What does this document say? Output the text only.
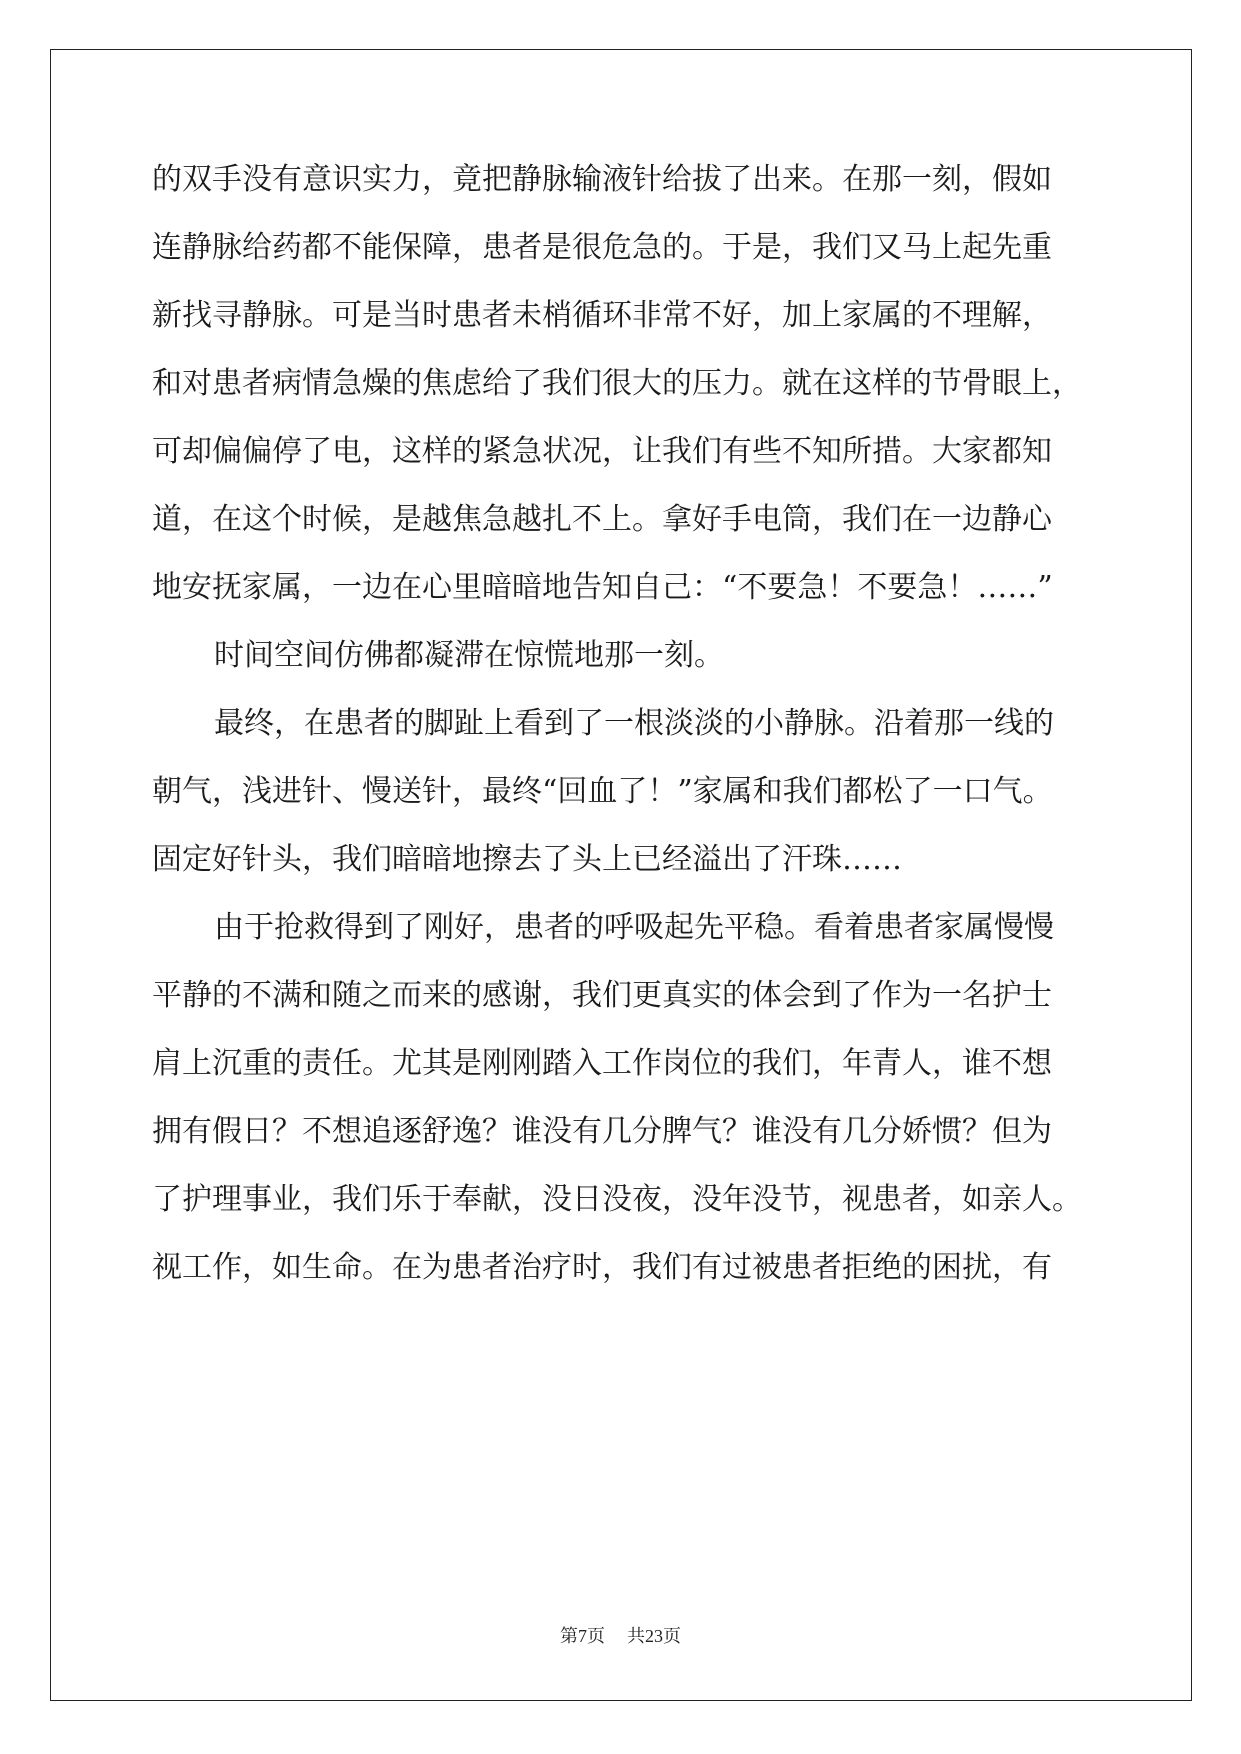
的双手没有意识实力，竟把静脉输液针给拔了出来。在那一刻，假如
连静脉给药都不能保障，患者是很危急的。于是，我们又马上起先重
新找寻静脉。可是当时患者未梢循环非常不好，加上家属的不理解，
和对患者病情急燥的焦虑给了我们很大的压力。就在这样的节骨眼上，
可却偏偏停了电，这样的紧急状况，让我们有些不知所措。大家都知
道，在这个时候，是越焦急越扎不上。拿好手电筒，我们在一边静心
地安抚家属，一边在心里暗暗地告知自己：“不要急！不要急！……”
时间空间仿佛都凝滞在惊慌地那一刻。
最终，在患者的脚趾上看到了一根淡淡的小静脉。沿着那一线的
朝气，浅进针、慢送针，最终“回血了！”家属和我们都松了一口气。
固定好针头，我们暗暗地擦去了头上已经溢出了汗珠……
由于抢救得到了刚好，患者的呼吸起先平稳。看着患者家属慢慢
平静的不满和随之而来的感谢，我们更真实的体会到了作为一名护士
肩上沉重的责任。尤其是刚刚踏入工作岗位的我们，年青人，谁不想
拥有假日？不想追逐舒逸？谁没有几分脾气？谁没有几分娇惯？但为
了护理事业，我们乐于奉献，没日没夜，没年没节，视患者，如亲人。
视工作，如生命。在为患者治疗时，我们有过被患者拒绝的困扰，有
第7页 共23页
